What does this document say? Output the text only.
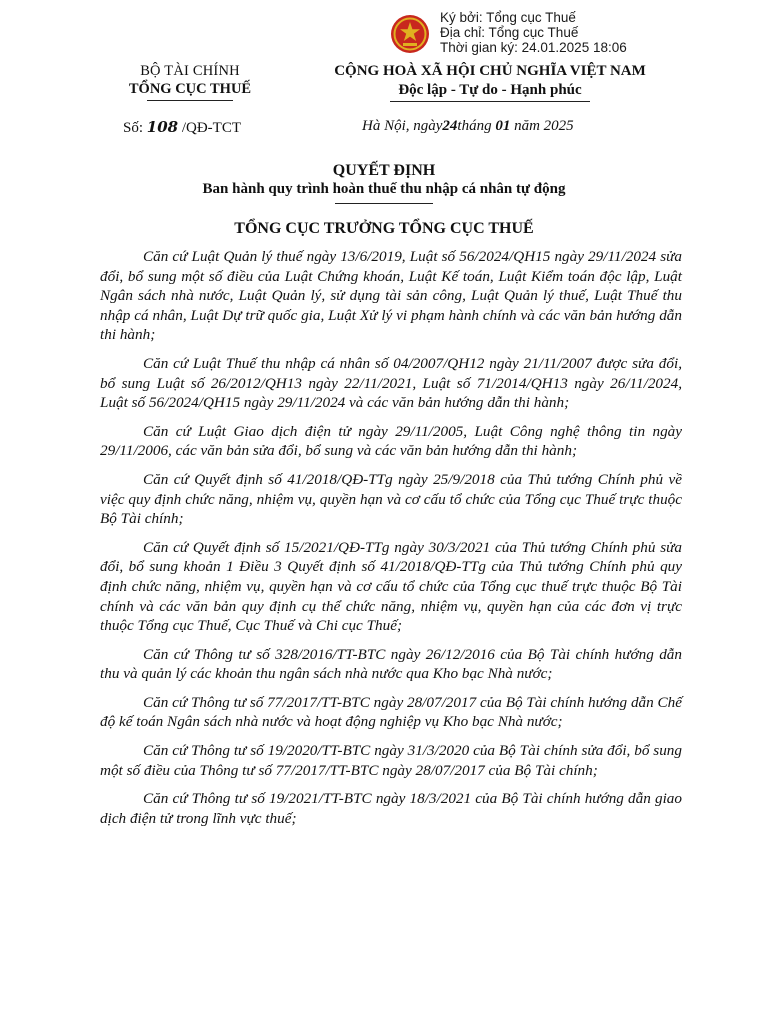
Ký bởi: Tổng cục Thuế
Địa chỉ: Tổng cục Thuế
Thời gian ký: 24.01.2025 18:06
BỘ TÀI CHÍNH
TỔNG CỤC THUẾ
CỘNG HOÀ XÃ HỘI CHỦ NGHĨA VIỆT NAM
Độc lập - Tự do - Hạnh phúc
Số: 108 /QĐ-TCT	Hà Nội, ngày24tháng 01 năm 2025
QUYẾT ĐỊNH
Ban hành quy trình hoàn thuế thu nhập cá nhân tự động
TỔNG CỤC TRƯỞNG TỔNG CỤC THUẾ

Căn cứ Luật Quản lý thuế ngày 13/6/2019, Luật số 56/2024/QH15 ngày 29/11/2024 sửa đổi, bổ sung một số điều của Luật Chứng khoán, Luật Kế toán, Luật Kiểm toán độc lập, Luật Ngân sách nhà nước, Luật Quản lý, sử dụng tài sản công, Luật Quản lý thuế, Luật Thuế thu nhập cá nhân, Luật Dự trữ quốc gia, Luật Xử lý vi phạm hành chính và các văn bản hướng dẫn thi hành;

Căn cứ Luật Thuế thu nhập cá nhân số 04/2007/QH12 ngày 21/11/2007 được sửa đổi, bổ sung Luật số 26/2012/QH13 ngày 22/11/2021, Luật số 71/2014/QH13 ngày 26/11/2024, Luật số 56/2024/QH15 ngày 29/11/2024 và các văn bản hướng dẫn thi hành;

Căn cứ Luật Giao dịch điện tử ngày 29/11/2005, Luật Công nghệ thông tin ngày 29/11/2006, các văn bản sửa đổi, bổ sung và các văn bản hướng dẫn thi hành;

Căn cứ Quyết định số 41/2018/QĐ-TTg ngày 25/9/2018 của Thủ tướng Chính phủ về việc quy định chức năng, nhiệm vụ, quyền hạn và cơ cấu tổ chức của Tổng cục Thuế trực thuộc Bộ Tài chính;

Căn cứ Quyết định số 15/2021/QĐ-TTg ngày 30/3/2021 của Thủ tướng Chính phủ sửa đổi, bổ sung khoản 1 Điều 3 Quyết định số 41/2018/QĐ-TTg của Thủ tướng Chính phủ quy định chức năng, nhiệm vụ, quyền hạn và cơ cấu tổ chức của Tổng cục thuế trực thuộc Bộ Tài chính và các văn bản quy định cụ thể chức năng, nhiệm vụ, quyền hạn của các đơn vị trực thuộc Tổng cục Thuế, Cục Thuế và Chi cục Thuế;

Căn cứ Thông tư số 328/2016/TT-BTC ngày 26/12/2016 của Bộ Tài chính hướng dẫn thu và quản lý các khoản thu ngân sách nhà nước qua Kho bạc Nhà nước;

Căn cứ Thông tư số 77/2017/TT-BTC ngày 28/07/2017 của Bộ Tài chính hướng dẫn Chế độ kế toán Ngân sách nhà nước và hoạt động nghiệp vụ Kho bạc Nhà nước;

Căn cứ Thông tư số 19/2020/TT-BTC ngày 31/3/2020 của Bộ Tài chính sửa đổi, bổ sung một số điều của Thông tư số 77/2017/TT-BTC ngày 28/07/2017 của Bộ Tài chính;

Căn cứ Thông tư số 19/2021/TT-BTC ngày 18/3/2021 của Bộ Tài chính hướng dẫn giao dịch điện tử trong lĩnh vực thuế;
